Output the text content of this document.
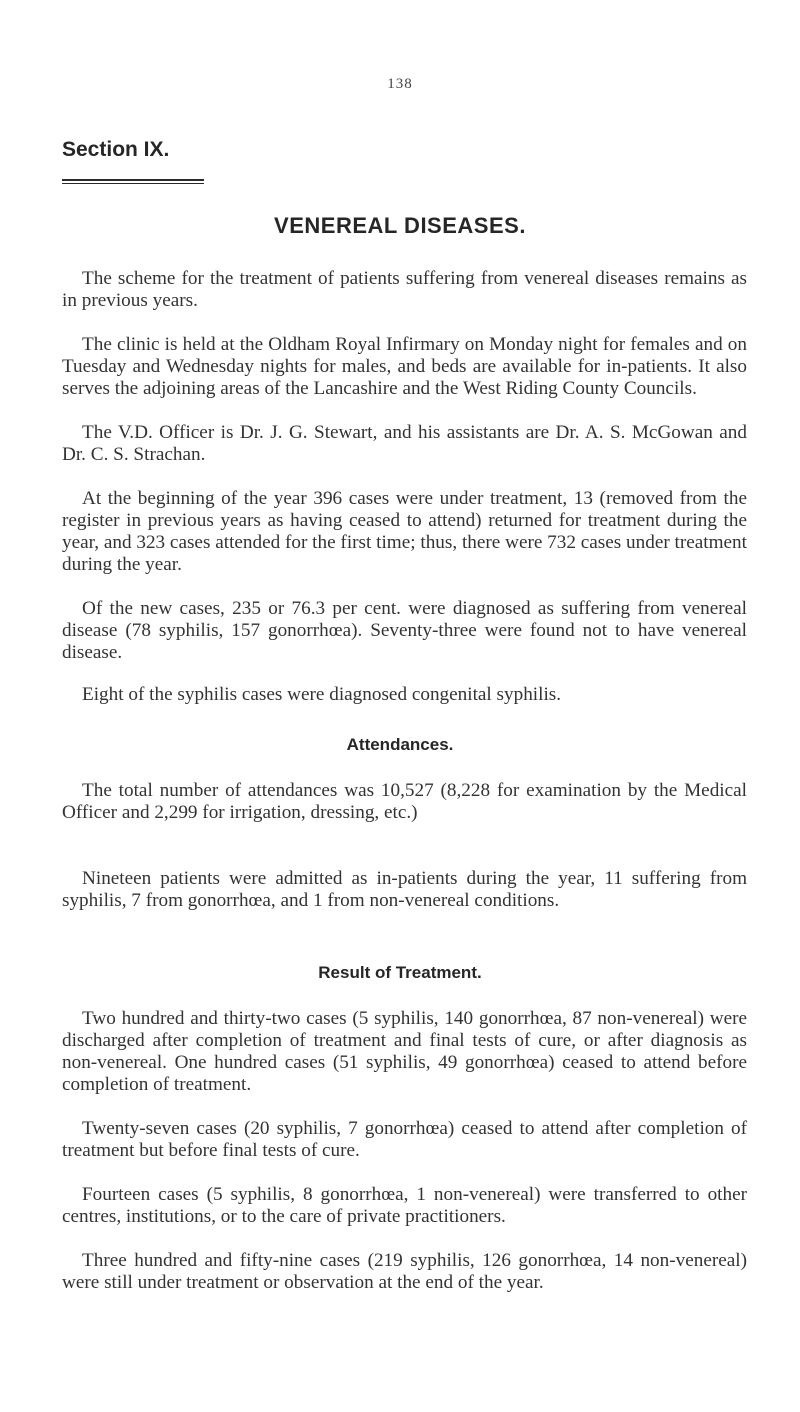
138
Section IX.
VENEREAL DISEASES.

The scheme for the treatment of patients suffering from venereal diseases remains as in previous years.

The clinic is held at the Oldham Royal Infirmary on Monday night for females and on Tuesday and Wednesday nights for males, and beds are available for in-patients. It also serves the adjoining areas of the Lancashire and the West Riding County Councils.

The V.D. Officer is Dr. J. G. Stewart, and his assistants are Dr. A. S. McGowan and Dr. C. S. Strachan.

At the beginning of the year 396 cases were under treatment, 13 (removed from the register in previous years as having ceased to attend) returned for treatment during the year, and 323 cases attended for the first time; thus, there were 732 cases under treatment during the year.

Of the new cases, 235 or 76.3 per cent. were diagnosed as suffering from venereal disease (78 syphilis, 157 gonorrhœa). Seventy-three were found not to have venereal disease.

Eight of the syphilis cases were diagnosed congenital syphilis.

Attendances.

The total number of attendances was 10,527 (8,228 for examination by the Medical Officer and 2,299 for irrigation, dressing, etc.)

Nineteen patients were admitted as in-patients during the year, 11 suffering from syphilis, 7 from gonorrhœa, and 1 from non-venereal conditions.

Result of Treatment.

Two hundred and thirty-two cases (5 syphilis, 140 gonorrhœa, 87 non-venereal) were discharged after completion of treatment and final tests of cure, or after diagnosis as non-venereal. One hundred cases (51 syphilis, 49 gonorrhœa) ceased to attend before completion of treatment.

Twenty-seven cases (20 syphilis, 7 gonorrhœa) ceased to attend after completion of treatment but before final tests of cure.

Fourteen cases (5 syphilis, 8 gonorrhœa, 1 non-venereal) were transferred to other centres, institutions, or to the care of private practitioners.

Three hundred and fifty-nine cases (219 syphilis, 126 gonorrhœa, 14 non-venereal) were still under treatment or observation at the end of the year.
